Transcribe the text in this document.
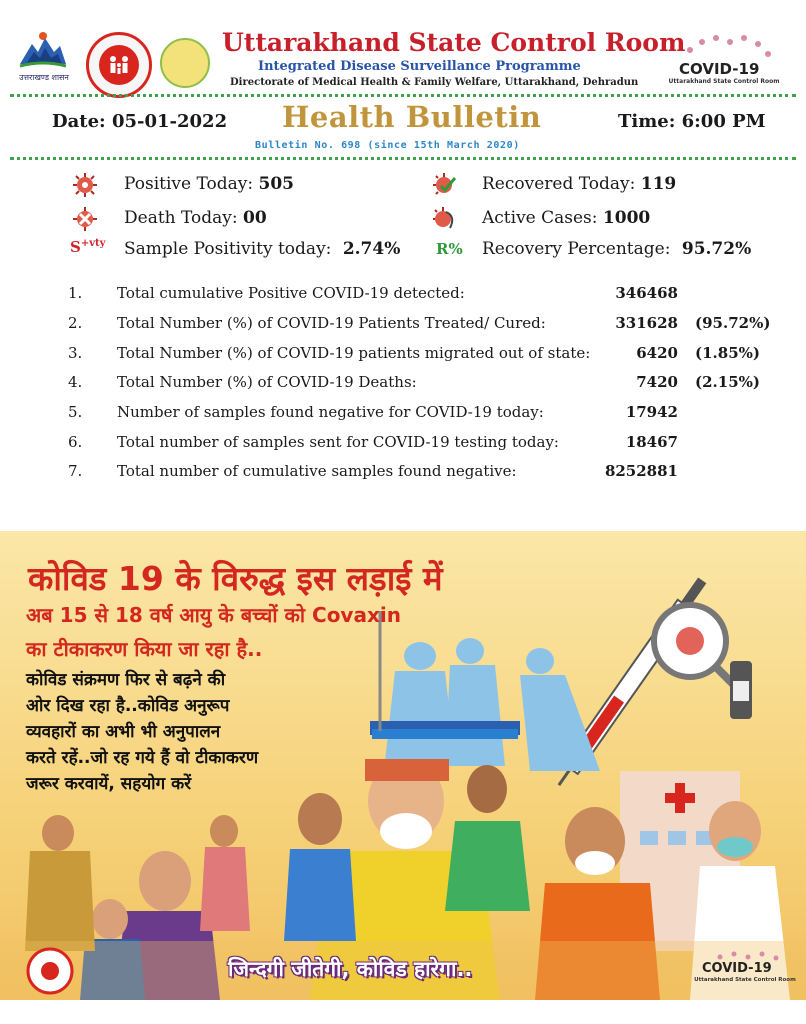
उत्तराखण्ड शासन
Uttarakhand State Control Room
Integrated Disease Surveillance Programme
Directorate of Medical Health & Family Welfare, Uttarakhand, Dehradun
COVID-19
Uttarakhand State Control Room
Date: 05-01-2022 Health Bulletin	Time: 6:00 PM
Bulletin No. 698 (since 15th March 2020)
Positive Today: 505	Recovered Today: 119
Death Today: 00	Active Cases: 1000
$S^{+vty}$ Sample Positivity today: 2.74% R% Recovery Percentage: 95.72%
1. Total cumulative Positive COVID-19 detected:	346468
2. Total Number (%) of COVID-19 Patients Treated/ Cured:	331628 (95.72%)
3. Total Number (%) of COVID-19 patients migrated out of state:	6420 (1.85%)
4. Total Number (%) of COVID-19 Deaths:	7420 (2.15%)
5. Number of samples found negative for COVID-19 today:	17942
6. Total number of samples sent for COVID-19 testing today:	18467
7. Total number of cumulative samples found negative:	8252881
कोविड 19 के विरुद्ध इस लड़ाई में
अब 15 से 18 वर्ष आयु के बच्चों को Covaxin
का टीकाकरण किया जा रहा है..
कोविड संक्रमण फिर से बढ़ने की
ओर दिख रहा है..कोविड अनुरूप
व्यवहारों का अभी भी अनुपालन
करते रहें..जो रह गये हैं वो टीकाकरण
जरूर करवायें, सहयोग करें
जिन्दगी जीतेगी, कोविड हारेगा..	COVID-19
Uttarakhand State Control Room
